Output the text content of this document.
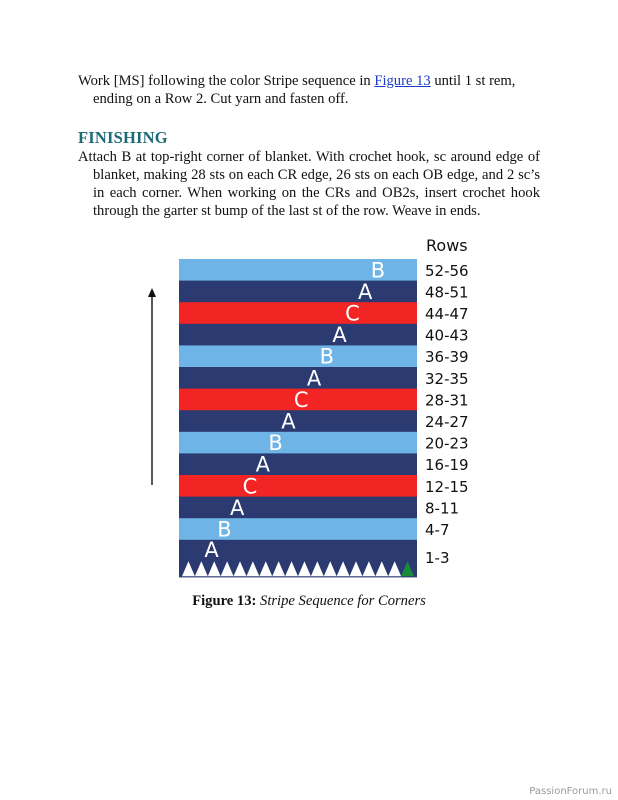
Work [MS] following the color Stripe sequence in Figure 13 until 1 st rem, ending on a Row 2. Cut yarn and fasten off.
FINISHING
Attach B at top-right corner of blanket. With crochet hook, sc around edge of blanket, making 28 sts on each CR edge, 26 sts on each OB edge, and 2 sc’s in each corner. When working on the CRs and OB2s, insert crochet hook through the garter st bump of the last st of the row. Weave in ends.
Rows
B
A
C
A
B
A
C
A
B
A
C
A
B
A
52-56
48-51
44-47
40-43
36-39
32-35
28-31
24-27
20-23
16-19
12-15
8-11
4-7
1-3
Figure 13: Stripe Sequence for Corners
PassionForum.ru
